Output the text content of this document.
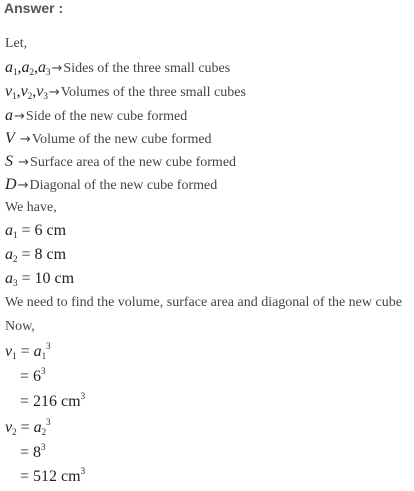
Answer :
Let,
$a_1,a_2,a_3\to Sides$ of the three small cubes
$v_1,v_2,v_3\to Volumes$ of the three small cubes
a→Side of the new cube formed
V →Volume of the new cube formed
S →Surface area of the new cube formed
D→Diagonal of the new cube formed
We have,
$a_1 = 6$ cm
$a_2 = 8$ cm
$a_3 = 10$ cm
We need to find the volume, surface area and diagonal of the new cube
Now,
$v_1 = a_1^3$
= $6^3$
= 216 $cm^3$
$v_2 = a_2^3$
= $8^3$
= 512 $cm^3$
